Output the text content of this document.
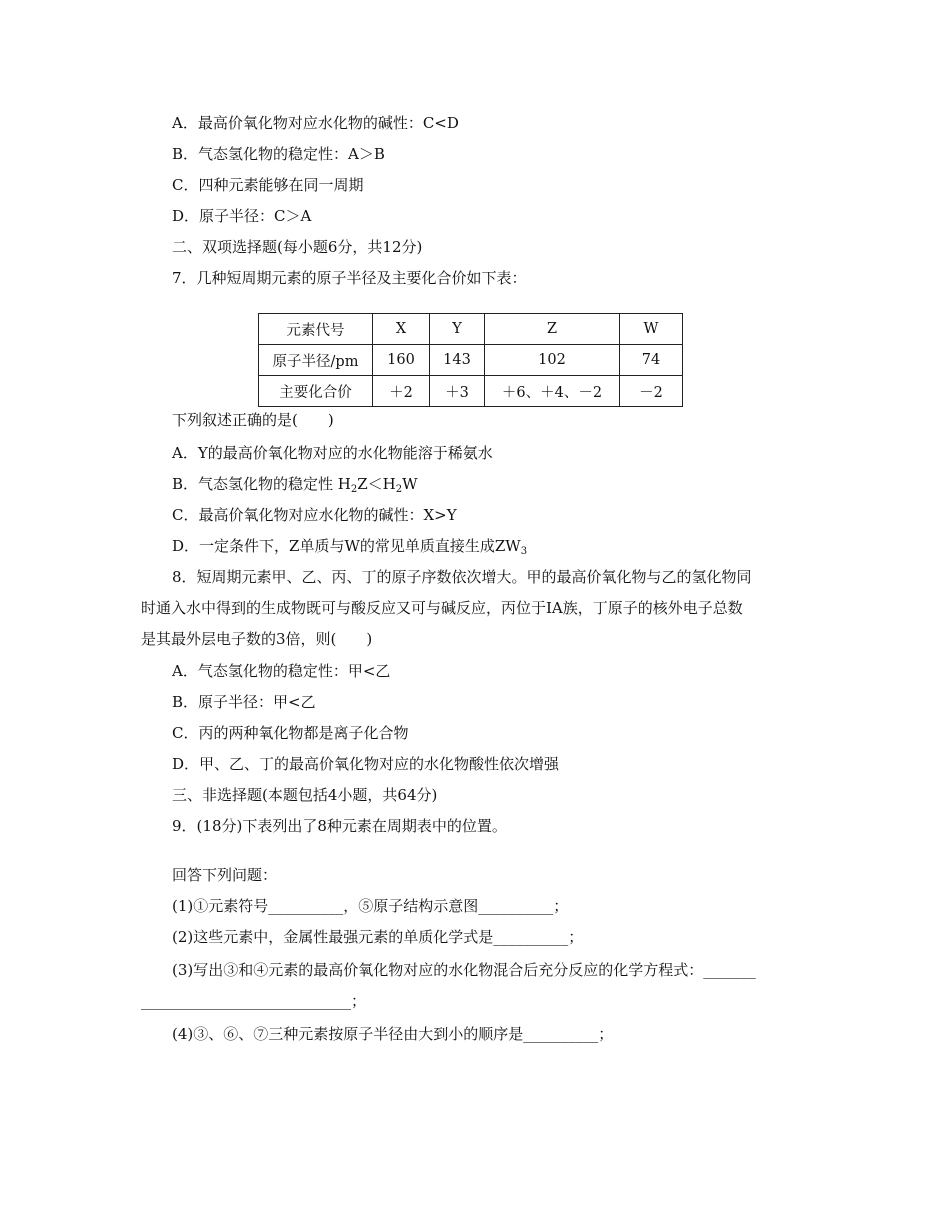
A．最高价氧化物对应水化物的碱性：C<D
B．气态氢化物的稳定性：A＞B
C．四种元素能够在同一周期
D．原子半径：C＞A
二、双项选择题(每小题6分，共12分)
7．几种短周期元素的原子半径及主要化合价如下表：
元素代号	X	Y	Z	W
原子半径/pm	160	143	102	74
主要化合价	＋2	＋3	＋6、＋4、－2	－2
下列叙述正确的是(　　)
A．Y的最高价氧化物对应的水化物能溶于稀氨水
B．气态氢化物的稳定性 $H_2Z<H_2W$
C．最高价氧化物对应水化物的碱性：X>Y
D．一定条件下，Z单质与W的常见单质直接生成$ZW_3$
8．短周期元素甲、乙、丙、丁的原子序数依次增大。甲的最高价氧化物与乙的氢化物同
时通入水中得到的生成物既可与酸反应又可与碱反应，丙位于ⅠA族，丁原子的核外电子总数
是其最外层电子数的3倍，则(　　)
A．气态氢化物的稳定性：甲<乙
B．原子半径：甲<乙
C．丙的两种氧化物都是离子化合物
D．甲、乙、丁的最高价氧化物对应的水化物酸性依次增强
三、非选择题(本题包括4小题，共64分)
9．(18分)下表列出了8种元素在周期表中的位置。
回答下列问题：
(1)①元素符号__________，⑤原子结构示意图__________；
(2)这些元素中，金属性最强元素的单质化学式是__________；
(3)写出③和④元素的最高价氧化物对应的水化物混合后充分反应的化学方程式：_______
____________________________；
(4)③、⑥、⑦三种元素按原子半径由大到小的顺序是__________；
